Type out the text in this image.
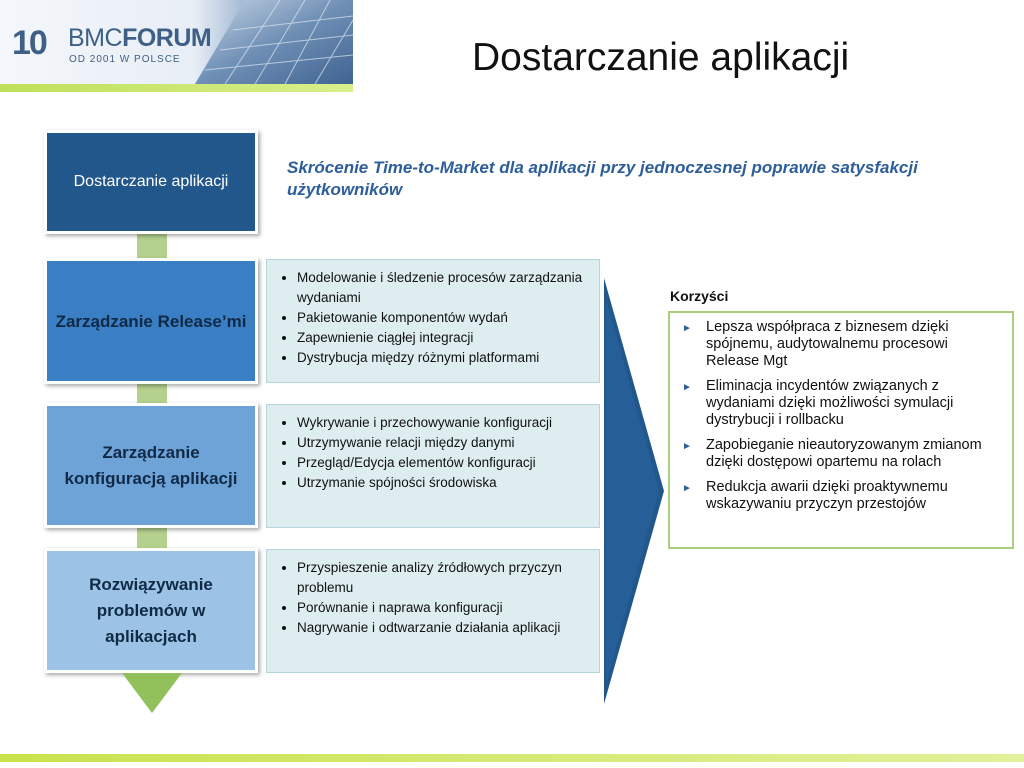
10 BMCFORUM
OD 2001 W POLSCE	Dostarczanie aplikacji
Dostarczanie aplikacji
Zarządzanie Release’mi
Zarządzanie konfiguracją aplikacji
Rozwiązywanie problemów w aplikacjach

Skrócenie Time-to-Market dla aplikacji przy jednoczesnej poprawie satysfakcji użytkowników

• Modelowanie i śledzenie procesów zarządzania wydaniami
• Pakietowanie komponentów wydań
• Zapewnienie ciągłej integracji
• Dystrybucja między różnymi platformami
• Wykrywanie i przechowywanie konfiguracji
• Utrzymywanie relacji między danymi
• Przegląd/Edycja elementów konfiguracji
• Utrzymanie spójności środowiska
• Przyspieszenie analizy źródłowych przyczyn problemu
• Porównanie i naprawa konfiguracji
• Nagrywanie i odtwarzanie działania aplikacji

Korzyści

► Lepsza współpraca z biznesem dzięki spójnemu, audytowalnemu procesowi Release Mgt
► Eliminacja incydentów związanych z wydaniami dzięki możliwości symulacji dystrybucji i rollbacku
► Zapobieganie nieautoryzowanym zmianom dzięki dostępowi opartemu na rolach
► Redukcja awarii dzięki proaktywnemu wskazywaniu przyczyn przestojów
